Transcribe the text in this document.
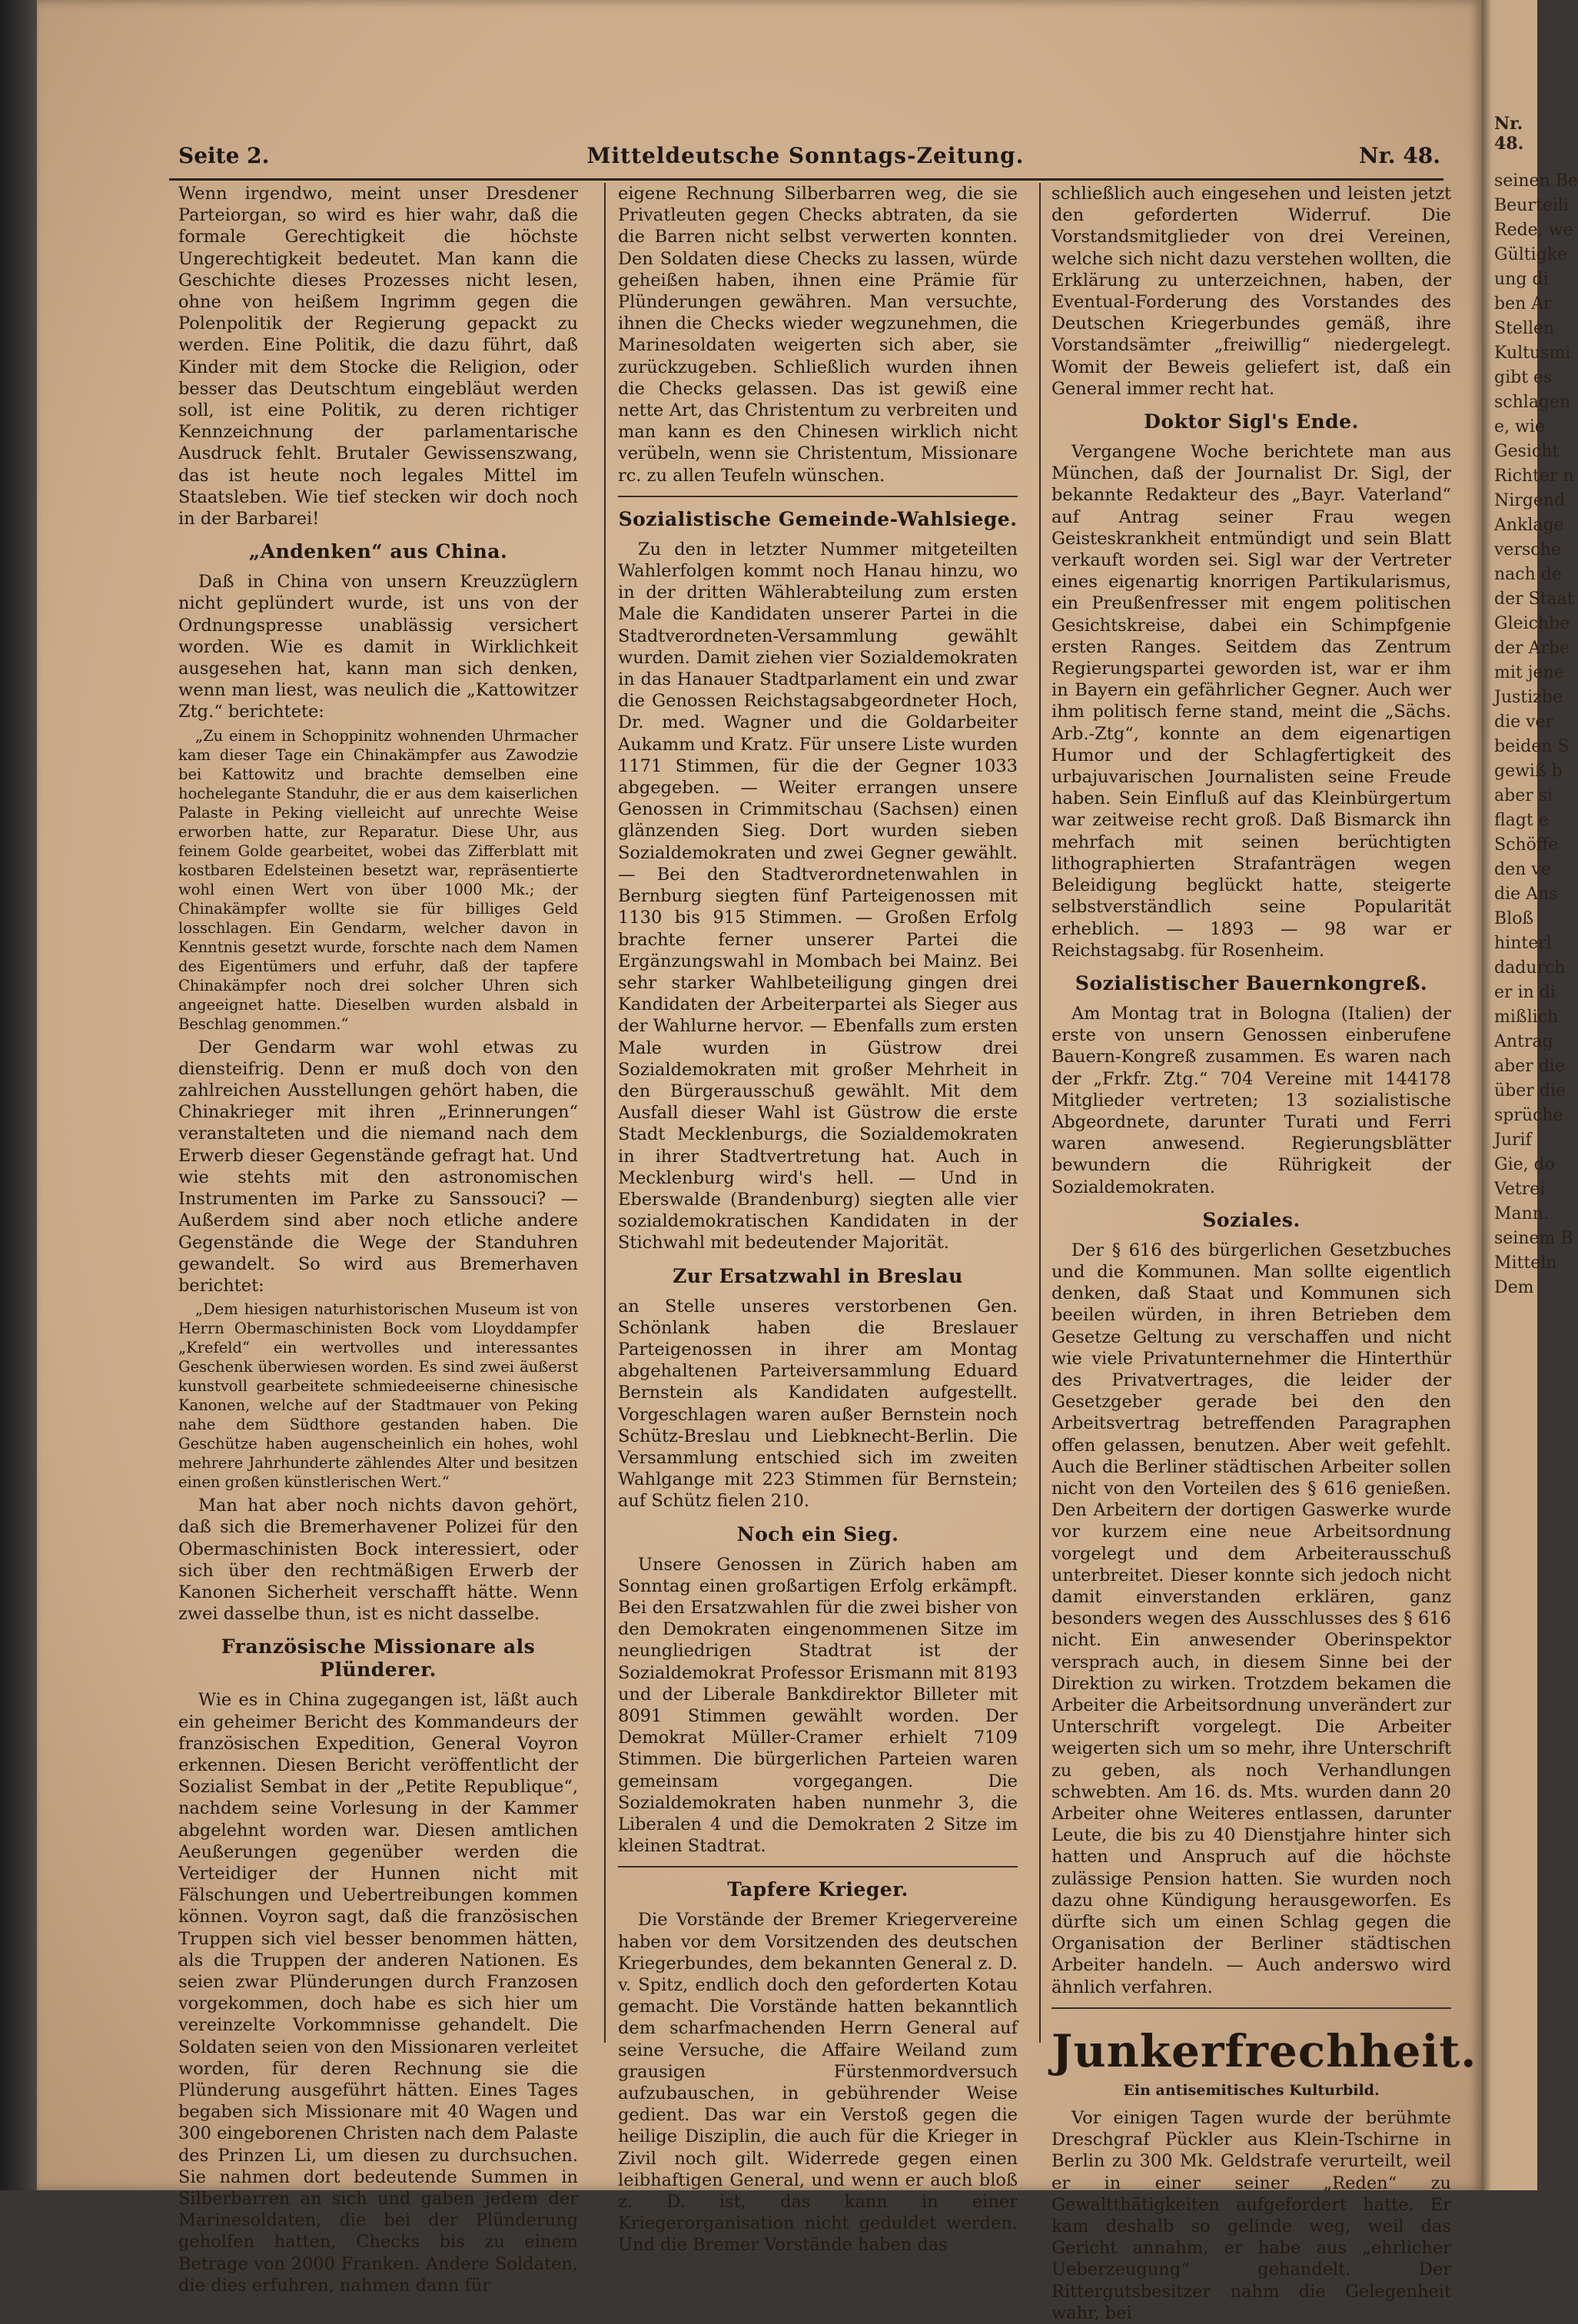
Seite 2.	Mitteldeutsche Sonntags-Zeitung.	Nr. 48.

Wenn irgendwo, meint unser Dresdener Parteiorgan, so wird es hier wahr, daß die formale Gerechtigkeit die höchste Ungerechtigkeit bedeutet. Man kann die Geschichte dieses Prozesses nicht lesen, ohne von heißem Ingrimm gegen die Polenpolitik der Regierung gepackt zu werden. Eine Politik, die dazu führt, daß Kinder mit dem Stocke die Religion, oder besser das Deutschtum eingebläut werden soll, ist eine Politik, zu deren richtiger Kennzeichnung der parlamentarische Ausdruck fehlt. Brutaler Gewissenszwang, das ist heute noch legales Mittel im Staatsleben. Wie tief stecken wir doch noch in der Barbarei!

„Andenken“ aus China.

Daß in China von unsern Kreuzzüglern nicht geplündert wurde, ist uns von der Ordnungspresse unablässig versichert worden. Wie es damit in Wirklichkeit ausgesehen hat, kann man sich denken, wenn man liest, was neulich die „Kattowitzer Ztg.“ berichtete:

„Zu einem in Schoppinitz wohnenden Uhrmacher kam dieser Tage ein Chinakämpfer aus Zawodzie bei Kattowitz und brachte demselben eine hochelegante Standuhr, die er aus dem kaiserlichen Palaste in Peking vielleicht auf unrechte Weise erworben hatte, zur Reparatur. Diese Uhr, aus feinem Golde gearbeitet, wobei das Zifferblatt mit kostbaren Edelsteinen besetzt war, repräsentierte wohl einen Wert von über 1000 Mk.; der Chinakämpfer wollte sie für billiges Geld losschlagen. Ein Gendarm, welcher davon in Kenntnis gesetzt wurde, forschte nach dem Namen des Eigentümers und erfuhr, daß der tapfere Chinakämpfer noch drei solcher Uhren sich angeeignet hatte. Dieselben wurden alsbald in Beschlag genommen.“

Der Gendarm war wohl etwas zu diensteifrig. Denn er muß doch von den zahlreichen Ausstellungen gehört haben, die Chinakrieger mit ihren „Erinnerungen“ veranstalteten und die niemand nach dem Erwerb dieser Gegenstände gefragt hat. Und wie stehts mit den astronomischen Instrumenten im Parke zu Sanssouci? — Außerdem sind aber noch etliche andere Gegenstände die Wege der Standuhren gewandelt. So wird aus Bremerhaven berichtet:

„Dem hiesigen naturhistorischen Museum ist von Herrn Obermaschinisten Bock vom Lloyddampfer „Krefeld“ ein wertvolles und interessantes Geschenk überwiesen worden. Es sind zwei äußerst kunstvoll gearbeitete schmiedeeiserne chinesische Kanonen, welche auf der Stadtmauer von Peking nahe dem Südthore gestanden haben. Die Geschütze haben augenscheinlich ein hohes, wohl mehrere Jahrhunderte zählendes Alter und besitzen einen großen künstlerischen Wert.“

Man hat aber noch nichts davon gehört, daß sich die Bremerhavener Polizei für den Obermaschinisten Bock interessiert, oder sich über den rechtmäßigen Erwerb der Kanonen Sicherheit verschafft hätte. Wenn zwei dasselbe thun, ist es nicht dasselbe.

Französische Missionare als Plünderer.

Wie es in China zugegangen ist, läßt auch ein geheimer Bericht des Kommandeurs der französischen Expedition, General Voyron erkennen. Diesen Bericht veröffentlicht der Sozialist Sembat in der „Petite Republique“, nachdem seine Vorlesung in der Kammer abgelehnt worden war. Diesen amtlichen Aeußerungen gegenüber werden die Verteidiger der Hunnen nicht mit Fälschungen und Uebertreibungen kommen können. Voyron sagt, daß die französischen Truppen sich viel besser benommen hätten, als die Truppen der anderen Nationen. Es seien zwar Plünderungen durch Franzosen vorgekommen, doch habe es sich hier um vereinzelte Vorkommnisse gehandelt. Die Soldaten seien von den Missionaren verleitet worden, für deren Rechnung sie die Plünderung ausgeführt hätten. Eines Tages begaben sich Missionare mit 40 Wagen und 300 eingeborenen Christen nach dem Palaste des Prinzen Li, um diesen zu durchsuchen. Sie nahmen dort bedeutende Summen in Silberbarren an sich und gaben jedem der Marinesoldaten, die bei der Plünderung geholfen hatten, Checks bis zu einem Betrage von 2000 Franken. Andere Soldaten, die dies erfuhren, nahmen dann für

eigene Rechnung Silberbarren weg, die sie Privatleuten gegen Checks abtraten, da sie die Barren nicht selbst verwerten konnten. Den Soldaten diese Checks zu lassen, würde geheißen haben, ihnen eine Prämie für Plünderungen gewähren. Man versuchte, ihnen die Checks wieder wegzunehmen, die Marinesoldaten weigerten sich aber, sie zurückzugeben. Schließlich wurden ihnen die Checks gelassen. Das ist gewiß eine nette Art, das Christentum zu verbreiten und man kann es den Chinesen wirklich nicht verübeln, wenn sie Christentum, Missionare rc. zu allen Teufeln wünschen.

Sozialistische Gemeinde-Wahlsiege.

Zu den in letzter Nummer mitgeteilten Wahlerfolgen kommt noch Hanau hinzu, wo in der dritten Wählerabteilung zum ersten Male die Kandidaten unserer Partei in die Stadtverordneten-Versammlung gewählt wurden. Damit ziehen vier Sozialdemokraten in das Hanauer Stadtparlament ein und zwar die Genossen Reichstagsabgeordneter Hoch, Dr. med. Wagner und die Goldarbeiter Aukamm und Kratz. Für unsere Liste wurden 1171 Stimmen, für die der Gegner 1033 abgegeben. — Weiter errangen unsere Genossen in Crimmitschau (Sachsen) einen glänzenden Sieg. Dort wurden sieben Sozialdemokraten und zwei Gegner gewählt. — Bei den Stadtverordnetenwahlen in Bernburg siegten fünf Parteigenossen mit 1130 bis 915 Stimmen. — Großen Erfolg brachte ferner unserer Partei die Ergänzungswahl in Mombach bei Mainz. Bei sehr starker Wahlbeteiligung gingen drei Kandidaten der Arbeiterpartei als Sieger aus der Wahlurne hervor. — Ebenfalls zum ersten Male wurden in Güstrow drei Sozialdemokraten mit großer Mehrheit in den Bürgerausschuß gewählt. Mit dem Ausfall dieser Wahl ist Güstrow die erste Stadt Mecklenburgs, die Sozialdemokraten in ihrer Stadtvertretung hat. Auch in Mecklenburg wird's hell. — Und in Eberswalde (Brandenburg) siegten alle vier sozialdemokratischen Kandidaten in der Stichwahl mit bedeutender Majorität.

Zur Ersatzwahl in Breslau

an Stelle unseres verstorbenen Gen. Schönlank haben die Breslauer Parteigenossen in ihrer am Montag abgehaltenen Parteiversammlung Eduard Bernstein als Kandidaten aufgestellt. Vorgeschlagen waren außer Bernstein noch Schütz-Breslau und Liebknecht-Berlin. Die Versammlung entschied sich im zweiten Wahlgange mit 223 Stimmen für Bernstein; auf Schütz fielen 210.

Noch ein Sieg.

Unsere Genossen in Zürich haben am Sonntag einen großartigen Erfolg erkämpft. Bei den Ersatzwahlen für die zwei bisher von den Demokraten eingenommenen Sitze im neungliedrigen Stadtrat ist der Sozialdemokrat Professor Erismann mit 8193 und der Liberale Bankdirektor Billeter mit 8091 Stimmen gewählt worden. Der Demokrat Müller-Cramer erhielt 7109 Stimmen. Die bürgerlichen Parteien waren gemeinsam vorgegangen. Die Sozialdemokraten haben nunmehr 3, die Liberalen 4 und die Demokraten 2 Sitze im kleinen Stadtrat.

Tapfere Krieger.

Die Vorstände der Bremer Kriegervereine haben vor dem Vorsitzenden des deutschen Kriegerbundes, dem bekannten General z. D. v. Spitz, endlich doch den geforderten Kotau gemacht. Die Vorstände hatten bekanntlich dem scharfmachenden Herrn General auf seine Versuche, die Affaire Weiland zum grausigen Fürstenmordversuch aufzubauschen, in gebührender Weise gedient. Das war ein Verstoß gegen die heilige Disziplin, die auch für die Krieger in Zivil noch gilt. Widerrede gegen einen leibhaftigen General, und wenn er auch bloß z. D. ist, das kann in einer Kriegerorganisation nicht geduldet werden. Und die Bremer Vorstände haben das

schließlich auch eingesehen und leisten jetzt den geforderten Widerruf. Die Vorstandsmitglieder von drei Vereinen, welche sich nicht dazu verstehen wollten, die Erklärung zu unterzeichnen, haben, der Eventual-Forderung des Vorstandes des Deutschen Kriegerbundes gemäß, ihre Vorstandsämter „freiwillig“ niedergelegt. Womit der Beweis geliefert ist, daß ein General immer recht hat.

Doktor Sigl's Ende.

Vergangene Woche berichtete man aus München, daß der Journalist Dr. Sigl, der bekannte Redakteur des „Bayr. Vaterland“ auf Antrag seiner Frau wegen Geisteskrankheit entmündigt und sein Blatt verkauft worden sei. Sigl war der Vertreter eines eigenartig knorrigen Partikularismus, ein Preußenfresser mit engem politischen Gesichtskreise, dabei ein Schimpfgenie ersten Ranges. Seitdem das Zentrum Regierungspartei geworden ist, war er ihm in Bayern ein gefährlicher Gegner. Auch wer ihm politisch ferne stand, meint die „Sächs. Arb.-Ztg“, konnte an dem eigenartigen Humor und der Schlagfertigkeit des urbajuvarischen Journalisten seine Freude haben. Sein Einfluß auf das Kleinbürgertum war zeitweise recht groß. Daß Bismarck ihn mehrfach mit seinen berüchtigten lithographierten Strafanträgen wegen Beleidigung beglückt hatte, steigerte selbstverständlich seine Popularität erheblich. — 1893 — 98 war er Reichstagsabg. für Rosenheim.

Sozialistischer Bauernkongreß.

Am Montag trat in Bologna (Italien) der erste von unsern Genossen einberufene Bauern-Kongreß zusammen. Es waren nach der „Frkfr. Ztg.“ 704 Vereine mit 144178 Mitglieder vertreten; 13 sozialistische Abgeordnete, darunter Turati und Ferri waren anwesend. Regierungsblätter bewundern die Rührigkeit der Sozialdemokraten.

Soziales.

Der § 616 des bürgerlichen Gesetzbuches und die Kommunen. Man sollte eigentlich denken, daß Staat und Kommunen sich beeilen würden, in ihren Betrieben dem Gesetze Geltung zu verschaffen und nicht wie viele Privatunternehmer die Hinterthür des Privatvertrages, die leider der Gesetzgeber gerade bei den den Arbeitsvertrag betreffenden Paragraphen offen gelassen, benutzen. Aber weit gefehlt. Auch die Berliner städtischen Arbeiter sollen nicht von den Vorteilen des § 616 genießen. Den Arbeitern der dortigen Gaswerke wurde vor kurzem eine neue Arbeitsordnung vorgelegt und dem Arbeiterausschuß unterbreitet. Dieser konnte sich jedoch nicht damit einverstanden erklären, ganz besonders wegen des Ausschlusses des § 616 nicht. Ein anwesender Oberinspektor versprach auch, in diesem Sinne bei der Direktion zu wirken. Trotzdem bekamen die Arbeiter die Arbeitsordnung unverändert zur Unterschrift vorgelegt. Die Arbeiter weigerten sich um so mehr, ihre Unterschrift zu geben, als noch Verhandlungen schwebten. Am 16. ds. Mts. wurden dann 20 Arbeiter ohne Weiteres entlassen, darunter Leute, die bis zu 40 Dienstjahre hinter sich hatten und Anspruch auf die höchste zulässige Pension hatten. Sie wurden noch dazu ohne Kündigung herausgeworfen. Es dürfte sich um einen Schlag gegen die Organisation der Berliner städtischen Arbeiter handeln. — Auch anderswo wird ähnlich verfahren.

Junkerfrechheit.
Ein antisemitisches Kulturbild.

Vor einigen Tagen wurde der berühmte Dreschgraf Pückler aus Klein-Tschirne in Berlin zu 300 Mk. Geldstrafe verurteilt, weil er in einer seiner „Reden“ zu Gewaltthätigkeiten aufgefordert hatte. Er kam deshalb so gelinde weg, weil das Gericht annahm, er habe aus „ehrlicher Ueberzeugung“ gehandelt. Der Rittergutsbesitzer nahm die Gelegenheit wahr, bei

Nr. 48.
seinen Be
Beurteili
Rede, we
Gültigke
ung di
ben Ar
Stellen
Kultusmi
gibt es
schlagen
e, wie
Gesicht
Richter n
Nirgend
Anklage
versche
nach de
der Staat
Gleichbe
der Arbe
mit jene
Justizbe
die ver
beiden S
gewiß b
aber si
flagt e
Schöffe
den ve
die Ans
Bloß
hinterl
dadurch
er in di
mißlich
Antrag
aber die
über die
sprüche
Jurif
Gie, do
Vetrei
Mann.
seinem B
Mitteln
Dem
